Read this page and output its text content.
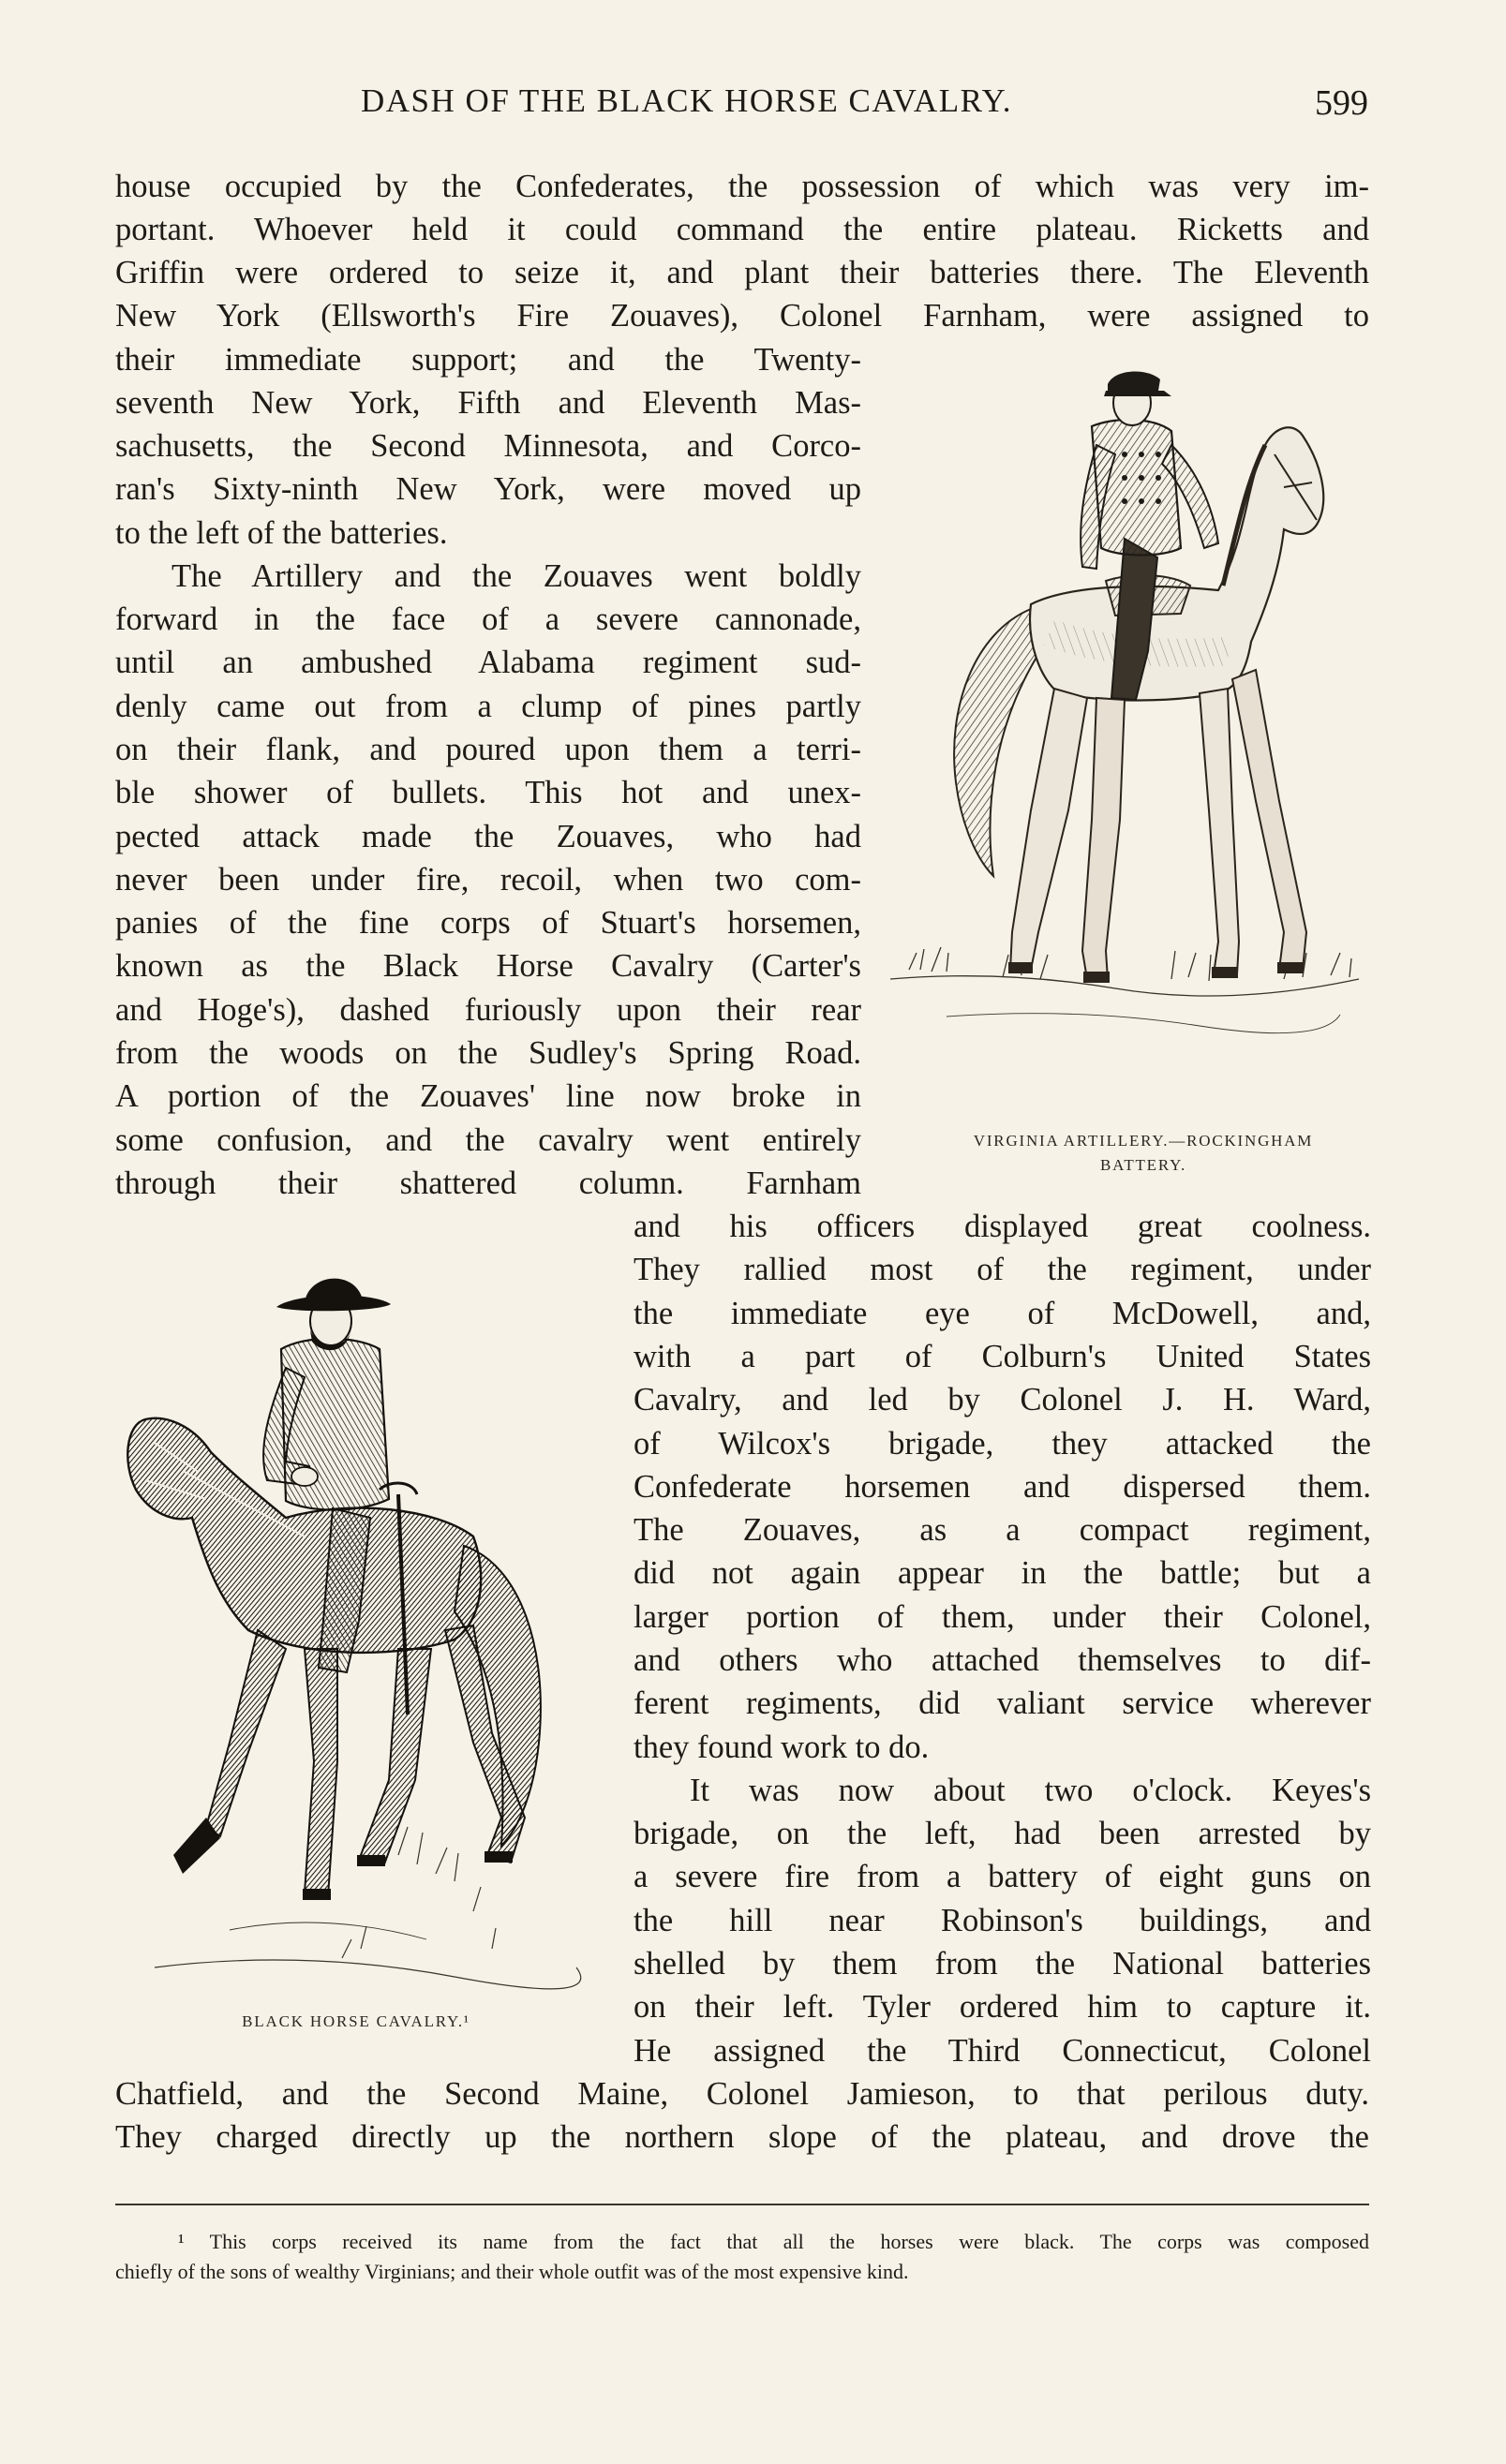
DASH OF THE BLACK HORSE CAVALRY.	599
house occupied by the Confederates, the possession of which was very im-
portant. Whoever held it could command the entire plateau. Ricketts and
Griffin were ordered to seize it, and plant their batteries there. The Eleventh
New York (Ellsworth's Fire Zouaves), Colonel Farnham, were assigned to
their immediate support; and the Twenty-
seventh New York, Fifth and Eleventh Mas-
sachusetts, the Second Minnesota, and Corco-
ran's Sixty-ninth New York, were moved up
to the left of the batteries.
The Artillery and the Zouaves went boldly
forward in the face of a severe cannonade,
until an ambushed Alabama regiment sud-
denly came out from a clump of pines partly
on their flank, and poured upon them a terri-
ble shower of bullets. This hot and unex-
pected attack made the Zouaves, who had
never been under fire, recoil, when two com-
panies of the fine corps of Stuart's horsemen,
known as the Black Horse Cavalry (Carter's
and Hoge's), dashed furiously upon their rear
from the woods on the Sudley's Spring Road.
A portion of the Zouaves' line now broke in
some confusion, and the cavalry went entirely
through their shattered column. Farnham
and his officers displayed great coolness.
They rallied most of the regiment, under
the immediate eye of McDowell, and,
with a part of Colburn's United States
Cavalry, and led by Colonel J. H. Ward,
of Wilcox's brigade, they attacked the
Confederate horsemen and dispersed them.
The Zouaves, as a compact regiment,
did not again appear in the battle; but a
larger portion of them, under their Colonel,
and others who attached themselves to dif-
ferent regiments, did valiant service wherever
they found work to do.
It was now about two o'clock. Keyes's
brigade, on the left, had been arrested by
a severe fire from a battery of eight guns on
the hill near Robinson's buildings, and
shelled by them from the National batteries
on their left. Tyler ordered him to capture it.
He assigned the Third Connecticut, Colonel
Chatfield, and the Second Maine, Colonel Jamieson, to that perilous duty.
They charged directly up the northern slope of the plateau, and drove the
VIRGINIA ARTILLERY.—ROCKINGHAM
BATTERY.
BLACK HORSE CAVALRY.¹
¹ This corps received its name from the fact that all the horses were black. The corps was composed
chiefly of the sons of wealthy Virginians; and their whole outfit was of the most expensive kind.
